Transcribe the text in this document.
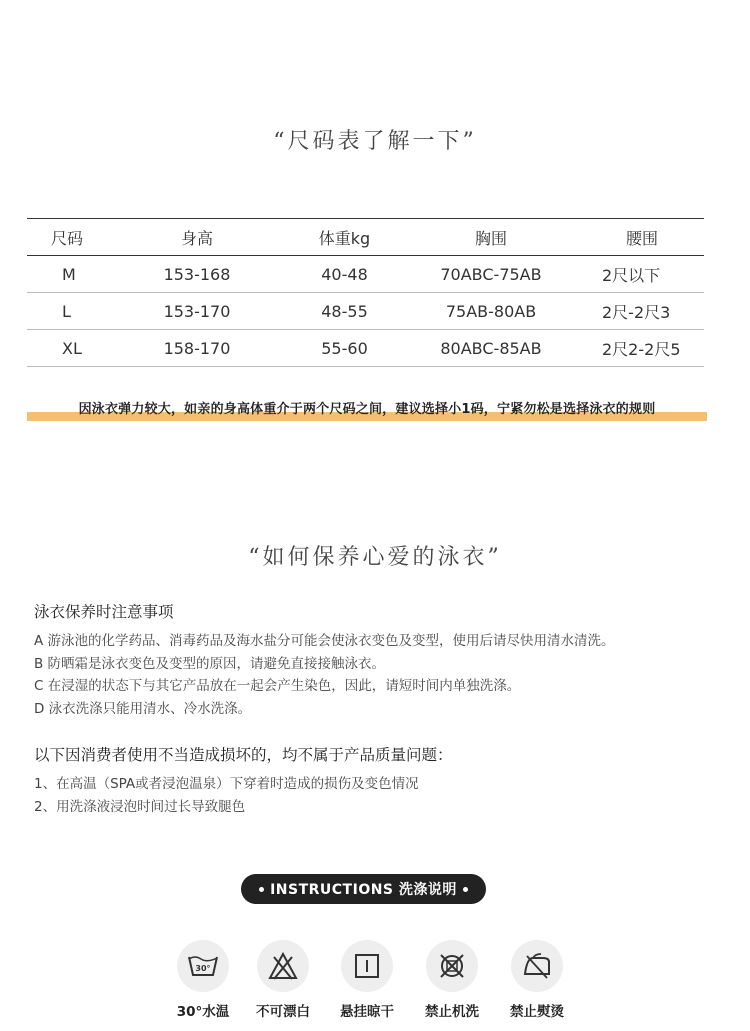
“尺码表了解一下”
尺码	身高	体重kg	胸围	腰围
M	153-168	40-48	70ABC-75AB	2尺以下
L	153-170	48-55	75AB-80AB	2尺-2尺3
XL	158-170	55-60	80ABC-85AB	2尺2-2尺5
因泳衣弹力较大，如亲的身高体重介于两个尺码之间，建议选择小1码，宁紧勿松是选择泳衣的规则
“如何保养心爱的泳衣”
泳衣保养时注意事项
A 游泳池的化学药品、消毒药品及海水盐分可能会使泳衣变色及变型，使用后请尽快用清水清洗。
B 防晒霜是泳衣变色及变型的原因，请避免直接接触泳衣。
C 在浸湿的状态下与其它产品放在一起会产生染色，因此，请短时间内单独洗涤。
D 泳衣洗涤只能用清水、冷水洗涤。
以下因消费者使用不当造成损坏的，均不属于产品质量问题：
1、在高温（SPA或者浸泡温泉）下穿着时造成的损伤及变色情况
2、用洗涤液浸泡时间过长导致腿色
INSTRUCTIONS 洗涤说明
30°
30°水温	不可漂白	悬挂晾干	禁止机洗	禁止熨烫
